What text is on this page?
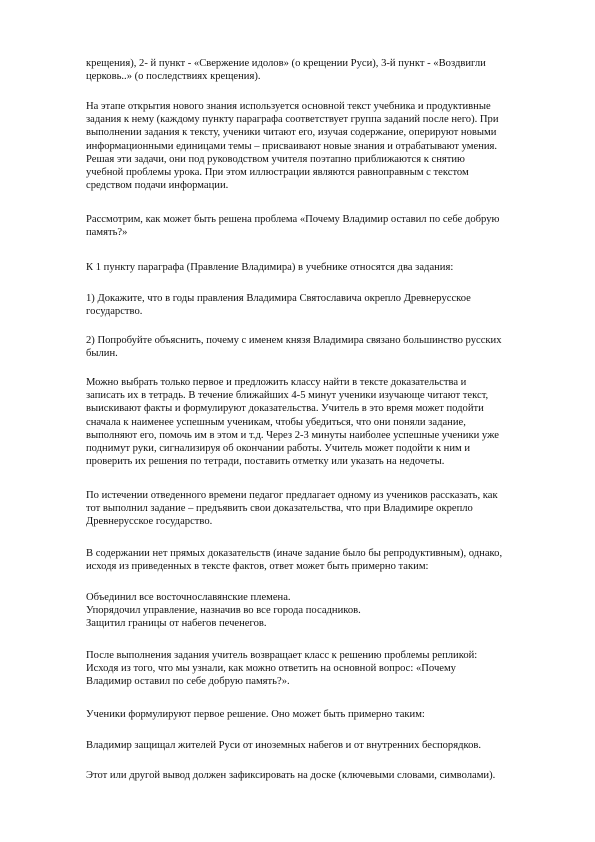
крещения), 2- й пункт - «Свержение идолов» (о крещении Руси), 3-й пункт - «Воздвигли
церковь..» (о последствиях крещения).

На этапе открытия нового знания используется основной текст учебника и продуктивные
задания к нему (каждому пункту параграфа соответствует группа заданий после него). При
выполнении задания к тексту, ученики читают его, изучая содержание, оперируют новыми
информационными единицами темы – присваивают новые знания и отрабатывают умения.
Решая эти задачи, они под руководством учителя поэтапно приближаются к снятию
учебной проблемы урока. При этом иллюстрации являются равноправным с текстом
средством подачи информации.

Рассмотрим, как может быть решена проблема «Почему Владимир оставил по себе добрую
память?»

К 1 пункту параграфа (Правление Владимира) в учебнике относятся два задания:

1) Докажите, что в годы правления Владимира Святославича окрепло Древнерусское
государство.

2) Попробуйте объяснить, почему с именем князя Владимира связано большинство русских
былин.

Можно выбрать только первое и предложить классу найти в тексте доказательства и
записать их в тетрадь. В течение ближайших 4-5 минут ученики изучающе читают текст,
выискивают факты и формулируют доказательства. Учитель в это время может подойти
сначала к наименее успешным ученикам, чтобы убедиться, что они поняли задание,
выполняют его, помочь им в этом и т.д. Через 2-3 минуты наиболее успешные ученики уже
поднимут руки, сигнализируя об окончании работы. Учитель может подойти к ним и
проверить их решения по тетради, поставить отметку или указать на недочеты.

По истечении отведенного времени педагог предлагает одному из учеников рассказать, как
тот выполнил задание – предъявить свои доказательства, что при Владимире окрепло
Древнерусское государство.

В содержании нет прямых доказательств (иначе задание было бы репродуктивным), однако,
исходя из приведенных в тексте фактов, ответ может быть примерно таким:

Объединил все восточнославянские племена.
Упорядочил управление, назначив во все города посадников.
Защитил границы от набегов печенегов.

После выполнения задания учитель возвращает класс к решению проблемы репликой:
Исходя из того, что мы узнали, как можно ответить на основной вопрос: «Почему
Владимир оставил по себе добрую память?».

Ученики формулируют первое решение. Оно может быть примерно таким:

Владимир защищал жителей Руси от иноземных набегов и от внутренних беспорядков.

Этот или другой вывод должен зафиксировать на доске (ключевыми словами, символами).
